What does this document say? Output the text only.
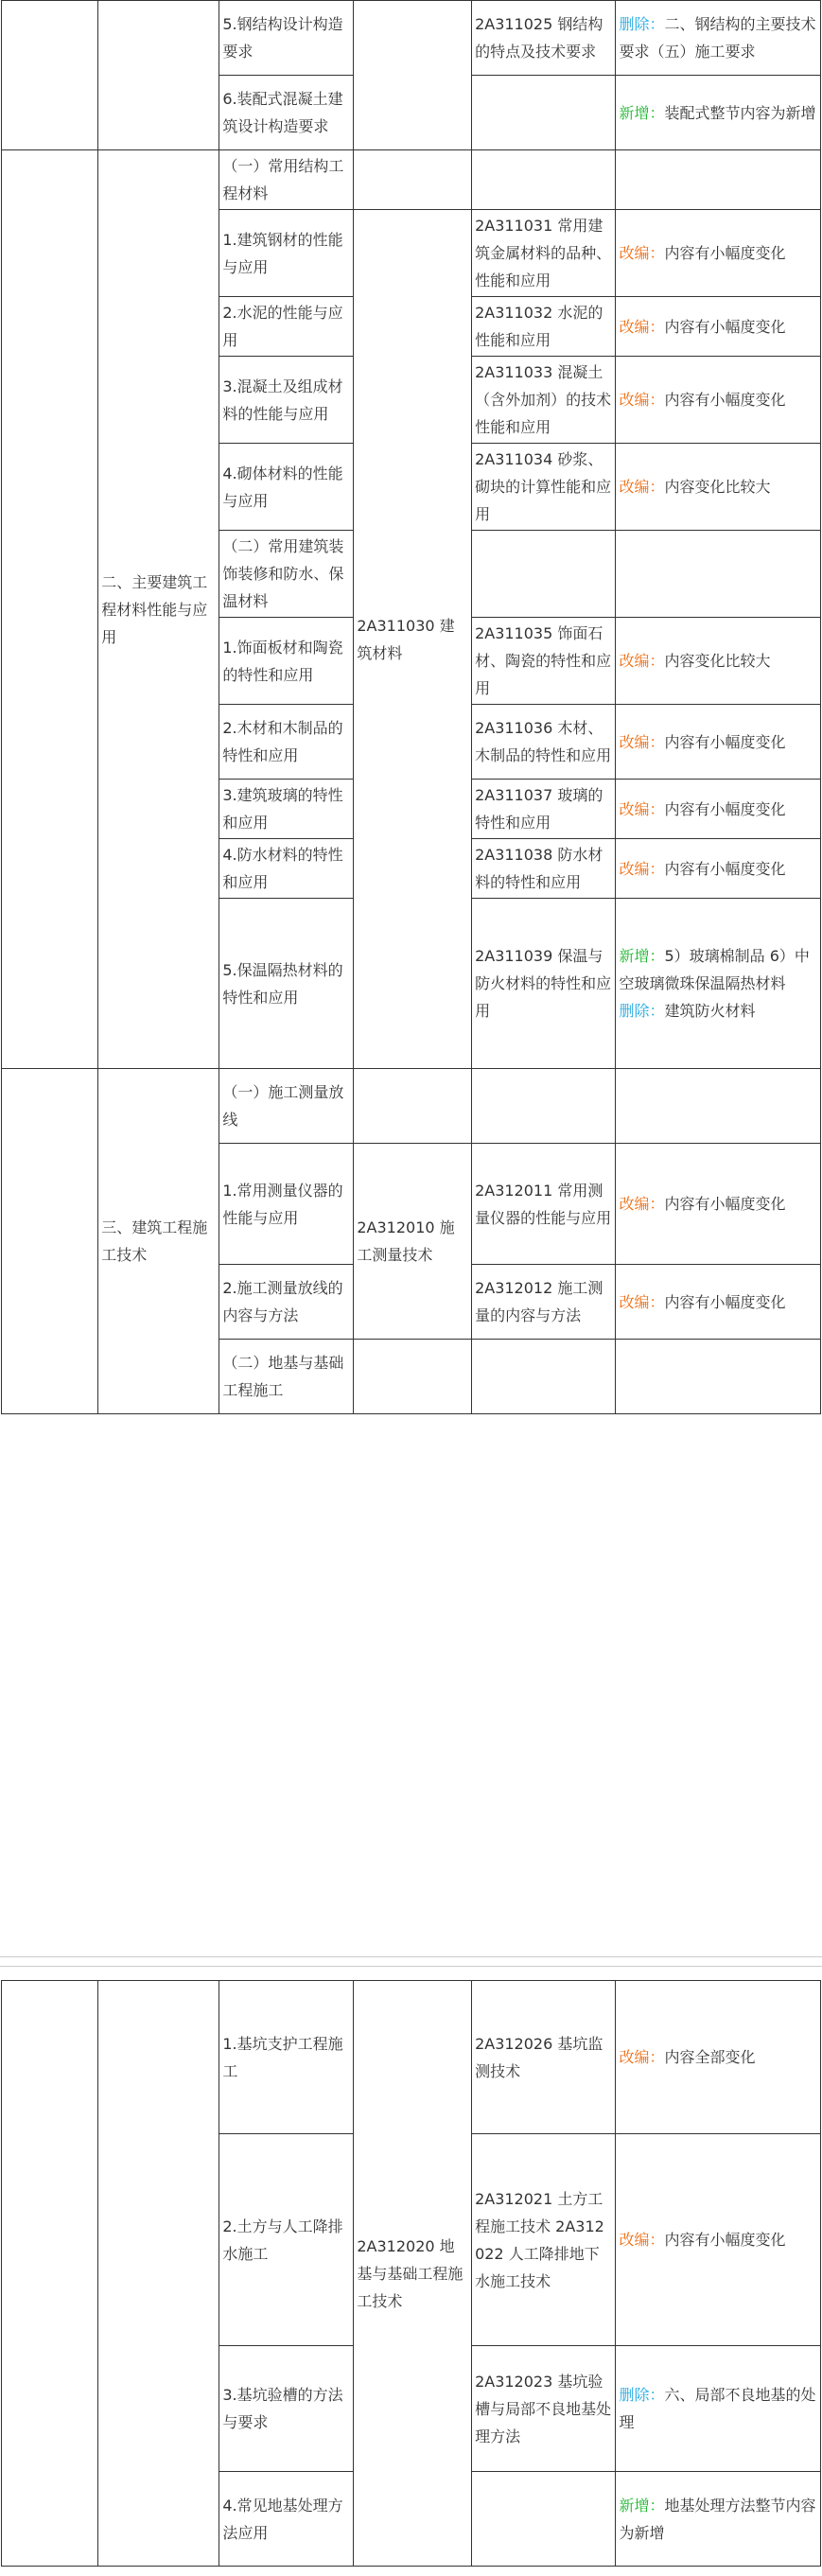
		5.钢结构设计构造要求		2A311025 钢结构的特点及技术要求	删除：二、钢结构的主要技术要求（五）施工要求
		6.装配式混凝土建筑设计构造要求			新增：装配式整节内容为新增
	二、主要建筑工程材料性能与应用	（一）常用结构工程材料			
		1.建筑钢材的性能与应用	2A311030 建筑材料	2A311031 常用建筑金属材料的品种、性能和应用	改编：内容有小幅度变化
		2.水泥的性能与应用		2A311032 水泥的性能和应用	改编：内容有小幅度变化
		3.混凝土及组成材料的性能与应用		2A311033 混凝土（含外加剂）的技术性能和应用	改编：内容有小幅度变化
		4.砌体材料的性能与应用		2A311034 砂浆、砌块的计算性能和应用	改编：内容变化比较大
		（二）常用建筑装饰装修和防水、保温材料			
		1.饰面板材和陶瓷的特性和应用		2A311035 饰面石材、陶瓷的特性和应用	改编：内容变化比较大
		2.木材和木制品的特性和应用		2A311036 木材、木制品的特性和应用	改编：内容有小幅度变化
		3.建筑玻璃的特性和应用		2A311037 玻璃的特性和应用	改编：内容有小幅度变化
		4.防水材料的特性和应用		2A311038 防水材料的特性和应用	改编：内容有小幅度变化
		5.保温隔热材料的特性和应用		2A311039 保温与防火材料的特性和应用	新增：5）玻璃棉制品 6）中空玻璃微珠保温隔热材料
删除：建筑防火材料

	三、建筑工程施工技术	（一）施工测量放线			
		1.常用测量仪器的性能与应用	2A312010 施工测量技术	2A312011 常用测量仪器的性能与应用	改编：内容有小幅度变化
		2.施工测量放线的内容与方法		2A312012 施工测量的内容与方法	改编：内容有小幅度变化
		（二）地基与基础工程施工			
		1.基坑支护工程施工	2A312020 地基与基础工程施工技术	2A312026 基坑监测技术	改编：内容全部变化
		2.土方与人工降排水施工		2A312021 土方工程施工技术 2A312022 人工降排地下水施工技术	改编：内容有小幅度变化
		3.基坑验槽的方法与要求		2A312023 基坑验槽与局部不良地基处理方法	删除：六、局部不良地基的处理
		4.常见地基处理方法应用			新增：地基处理方法整节内容为新增
